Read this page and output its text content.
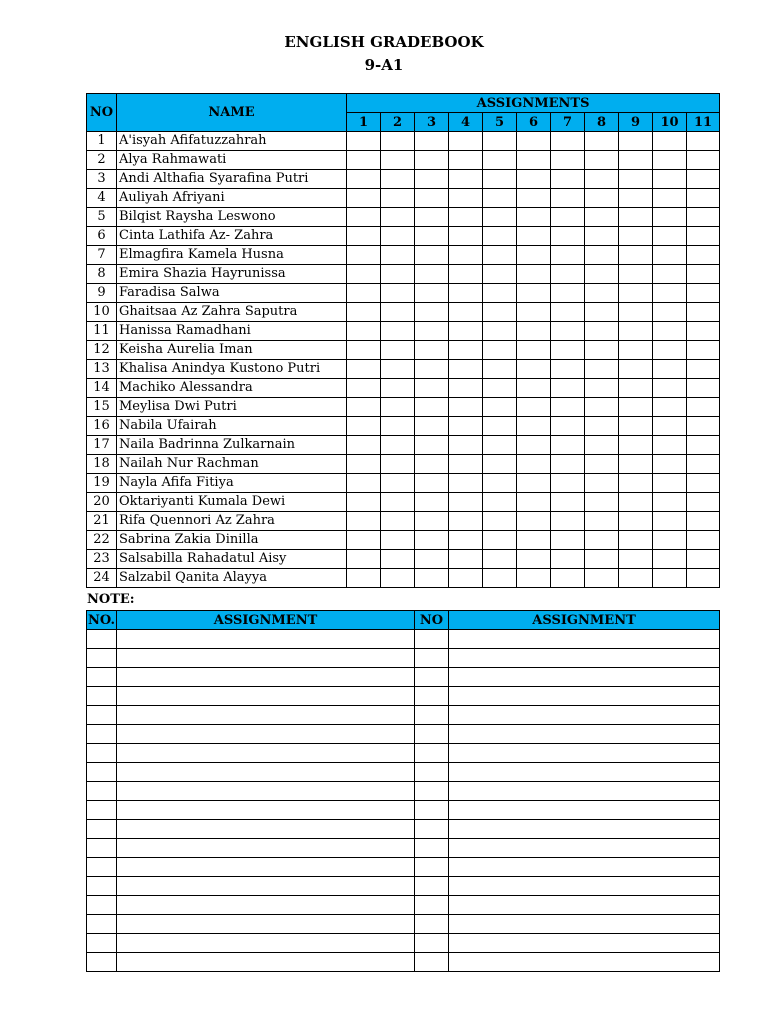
ENGLISH GRADEBOOK
9-A1
NO	NAME	ASSIGNMENTS										
		1	2	3	4	5	6	7	8	9	10	11
1	A'isyah Afifatuzzahrah											
2	Alya Rahmawati											
3	Andi Althafia Syarafina Putri											
4	Auliyah Afriyani											
5	Bilqist Raysha Leswono											
6	Cinta Lathifa Az- Zahra											
7	Elmagfira Kamela Husna											
8	Emira Shazia Hayrunissa											
9	Faradisa Salwa											
10	Ghaitsaa Az Zahra Saputra											
11	Hanissa Ramadhani											
12	Keisha Aurelia Iman											
13	Khalisa Anindya Kustono Putri											
14	Machiko Alessandra											
15	Meylisa Dwi Putri											
16	Nabila Ufairah											
17	Naila Badrinna Zulkarnain											
18	Nailah Nur Rachman											
19	Nayla Afifa Fitiya											
20	Oktariyanti Kumala Dewi											
21	Rifa Quennori Az Zahra											
22	Sabrina Zakia Dinilla											
23	Salsabilla Rahadatul Aisy											
24	Salzabil Qanita Alayya											
NOTE:
NO.	ASSIGNMENT	NO	ASSIGNMENT
